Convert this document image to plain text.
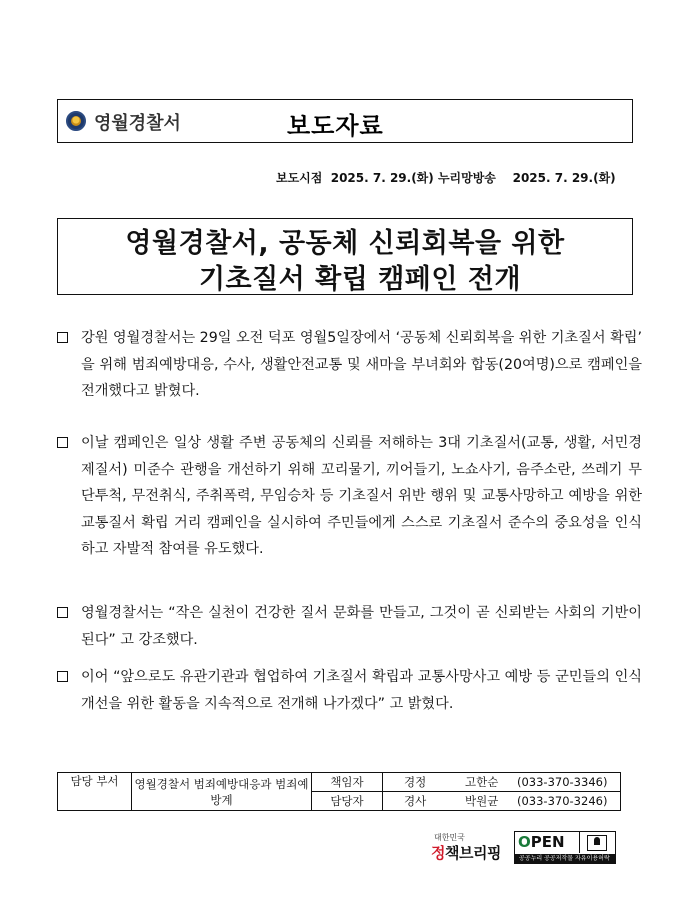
영월경찰서	보도자료
보도시점  2025. 7. 29.(화) 누리망방송    2025. 7. 29.(화)
영월경찰서, 공동체 신뢰회복을 위한
기초질서 확립 캠페인 전개
강원 영월경찰서는 29일 오전 덕포 영월5일장에서 ‘공동체 신뢰회복을 위한 기초질서 확립’ 을 위해 범죄예방대응, 수사, 생활안전교통 및 새마을 부녀회와 합동(20여명)으로 캠페인을 전개했다고 밝혔다.
이날 캠페인은 일상 생활 주변 공동체의 신뢰를 저해하는 3대 기초질서(교통, 생활, 서민경제질서) 미준수 관행을 개선하기 위해 꼬리물기, 끼어들기, 노쇼사기, 음주소란, 쓰레기 무단투척, 무전취식, 주취폭력, 무임승차 등 기초질서 위반 행위 및 교통사망하고 예방을 위한 교통질서 확립 거리 캠페인을 실시하여 주민들에게 스스로 기초질서 준수의 중요성을 인식하고 자발적 참여를 유도했다.
영월경찰서는 “작은 실천이 건강한 질서 문화를 만들고, 그것이 곧 신뢰받는 사회의 기반이 된다” 고 강조했다.
이어 “앞으로도 유관기관과 협업하여 기초질서 확립과 교통사망사고 예방 등 군민들의 인식 개선을 위한 활동을 지속적으로 전개해 나가겠다” 고 밝혔다.
담당 부서	영월경찰서 범죄예방대응과 범죄예방계	책임자	경정 고한순 (033-370-3346)
		담당자	경사 박원균 (033-370-3246)
대한민국
정책브리핑
OPEN
공공누리 공공저작물 자유이용허락
